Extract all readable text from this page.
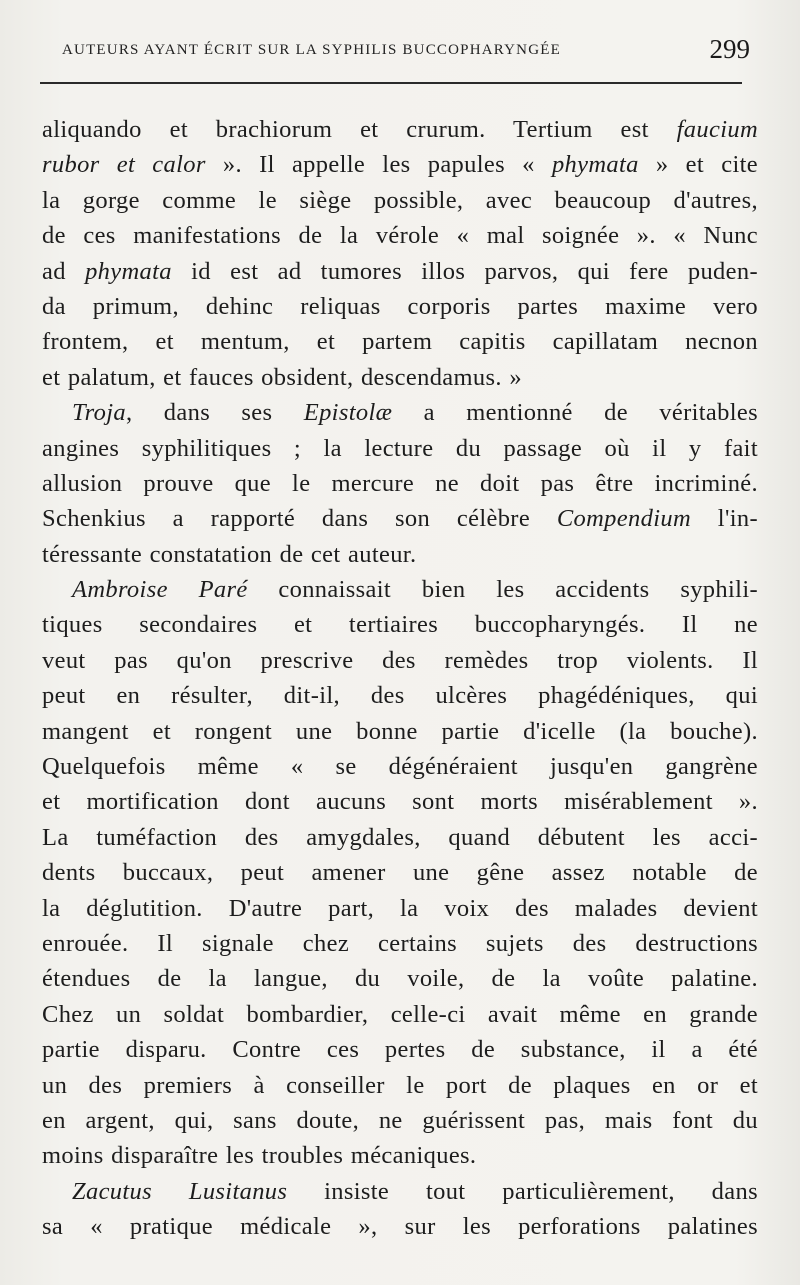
AUTEURS AYANT ÉCRIT SUR LA SYPHILIS BUCCOPHARYNGÉE	299
aliquando et brachiorum et crurum. Tertium est faucium
rubor et calor ». Il appelle les papules « phymata » et cite
la gorge comme le siège possible, avec beaucoup d'autres,
de ces manifestations de la vérole « mal soignée ». « Nunc
ad phymata id est ad tumores illos parvos, qui fere puden-
da primum, dehinc reliquas corporis partes maxime vero
frontem, et mentum, et partem capitis capillatam necnon
et palatum, et fauces obsident, descendamus. »
Troja, dans ses Epistolæ a mentionné de véritables
angines syphilitiques ; la lecture du passage où il y fait
allusion prouve que le mercure ne doit pas être incriminé.
Schenkius a rapporté dans son célèbre Compendium l'in-
téressante constatation de cet auteur.
Ambroise Paré connaissait bien les accidents syphili-
tiques secondaires et tertiaires buccopharyngés. Il ne
veut pas qu'on prescrive des remèdes trop violents. Il
peut en résulter, dit-il, des ulcères phagédéniques, qui
mangent et rongent une bonne partie d'icelle (la bouche).
Quelquefois même « se dégénéraient jusqu'en gangrène
et mortification dont aucuns sont morts misérablement ».
La tuméfaction des amygdales, quand débutent les acci-
dents buccaux, peut amener une gêne assez notable de
la déglutition. D'autre part, la voix des malades devient
enrouée. Il signale chez certains sujets des destructions
étendues de la langue, du voile, de la voûte palatine.
Chez un soldat bombardier, celle-ci avait même en grande
partie disparu. Contre ces pertes de substance, il a été
un des premiers à conseiller le port de plaques en or et
en argent, qui, sans doute, ne guérissent pas, mais font du
moins disparaître les troubles mécaniques.
Zacutus Lusitanus insiste tout particulièrement, dans
sa « pratique médicale », sur les perforations palatines
